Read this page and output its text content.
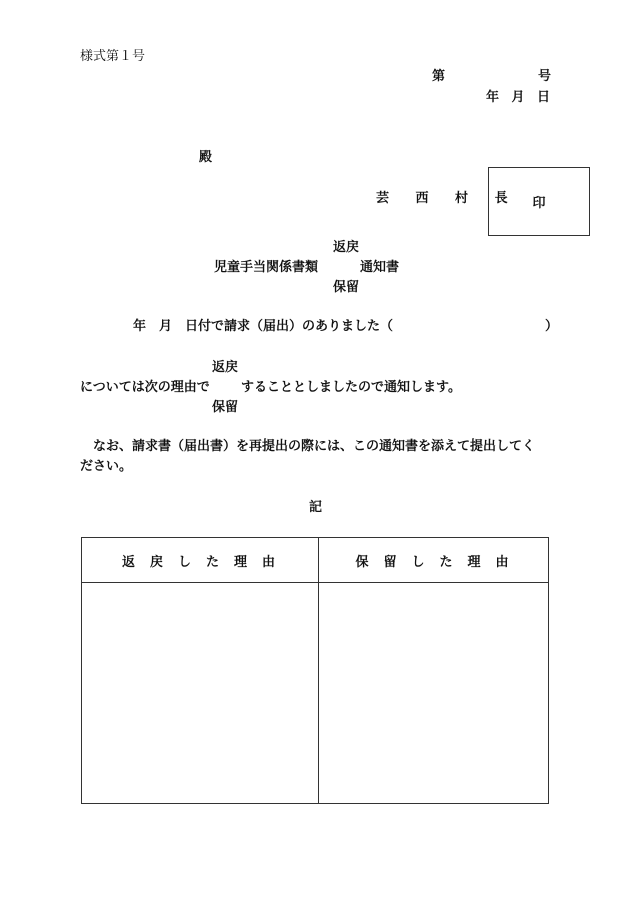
様式第１号
第	号
年 月 日
殿
芸 西 村 長 印
返戻
児童手当関係書類	通知書
保留
年　月　日付で請求（届出）のありました（	）
返戻
については次の理由で することとしましたので通知します。
保留
　なお、請求書（届出書）を再提出の際には、この通知書を添えて提出してく
ださい。
記
返戻した理由	保留した理由
